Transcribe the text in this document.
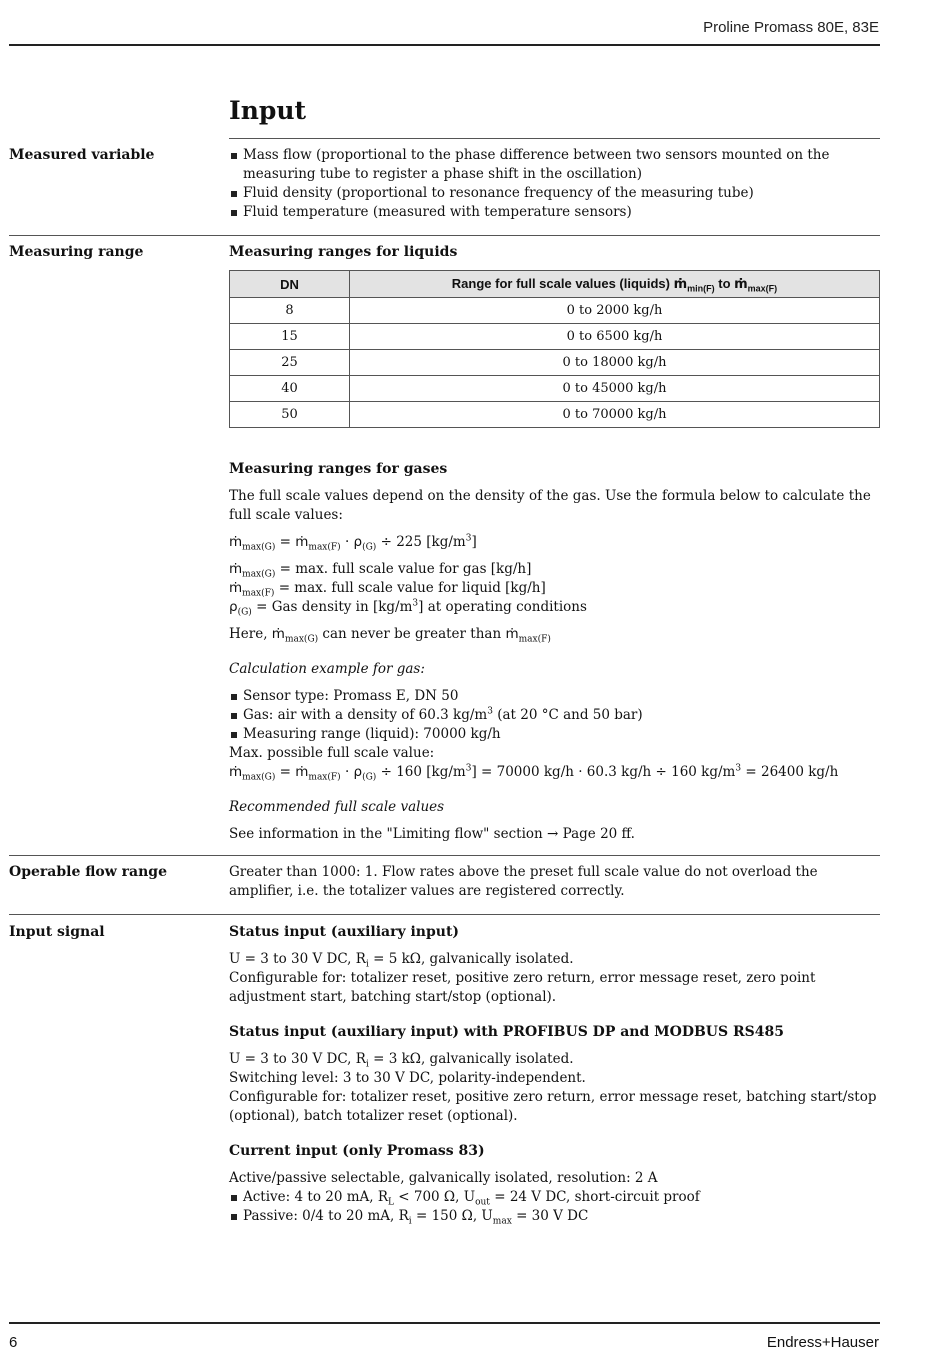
Proline Promass 80E, 83E
Input
Measured variable	Mass flow (proportional to the phase difference between two sensors mounted on the measuring tube to register a phase shift in the oscillation)
Fluid density (proportional to resonance frequency of the measuring tube)
Fluid temperature (measured with temperature sensors)
Measuring range	Measuring ranges for liquids
DN	Range for full scale values (liquids) ṁ$_{min(F)}$ to ṁ$_{max(F)}$
8	0 to 2000 kg/h
15	0 to 6500 kg/h
25	0 to 18000 kg/h
40	0 to 45000 kg/h
50	0 to 70000 kg/h
Measuring ranges for gases

The full scale values depend on the density of the gas. Use the formula below to calculate the full scale values:

ṁ$_{max(G)}$ = ṁ$_{max(F)}$ · $\rho_{(G)} \div 225$ $[kg/m^3]$

ṁ$_{max(G)}$ = max. full scale value for gas [kg/h]

ṁ$_{max(F)}$ = max. full scale value for liquid [kg/h]

$\rho_{(G)}$ = Gas density in $[kg/m^3]$ at operating conditions

Here, ṁ$_{max(G)}$ can never be greater than ṁ$_{max(F)}$

Calculation example for gas:

Sensor type: Promass E, DN 50
Gas: air with a density of 60.3 $kg/m^3$ (at 20 °C and 50 bar)
Measuring range (liquid): 70000 kg/h

Max. possible full scale value:

ṁ$_{max(G)}$ = ṁ$_{max(F)}$ · $\rho_{(G)} \div 160$ $[kg/m^3] = 70000$ kg/h · 60.3 kg/h ÷ 160 $kg/m^3 = 26400$ kg/h

Recommended full scale values

See information in the "Limiting flow" section → Page 20 ff.

Operable flow range	Greater than 1000: 1. Flow rates above the preset full scale value do not overload the amplifier, i.e. the totalizer values are registered correctly.

Input signal	Status input (auxiliary input)

U = 3 to 30 V DC, $R_i = 5$ kΩ, galvanically isolated.

Configurable for: totalizer reset, positive zero return, error message reset, zero point adjustment start, batching start/stop (optional).

Status input (auxiliary input) with PROFIBUS DP and MODBUS RS485

U = 3 to 30 V DC, $R_i = 3$ kΩ, galvanically isolated.

Switching level: 3 to 30 V DC, polarity-independent.

Configurable for: totalizer reset, positive zero return, error message reset, batching start/stop (optional), batch totalizer reset (optional).

Current input (only Promass 83)

Active/passive selectable, galvanically isolated, resolution: 2 A

Active: 4 to 20 mA, $R_L < 700$ Ω, $U_{out} = 24$ V DC, short-circuit proof
Passive: 0/4 to 20 mA, $R_i = 150$ Ω, $U_{max} = 30$ V DC
6	Endress+Hauser
